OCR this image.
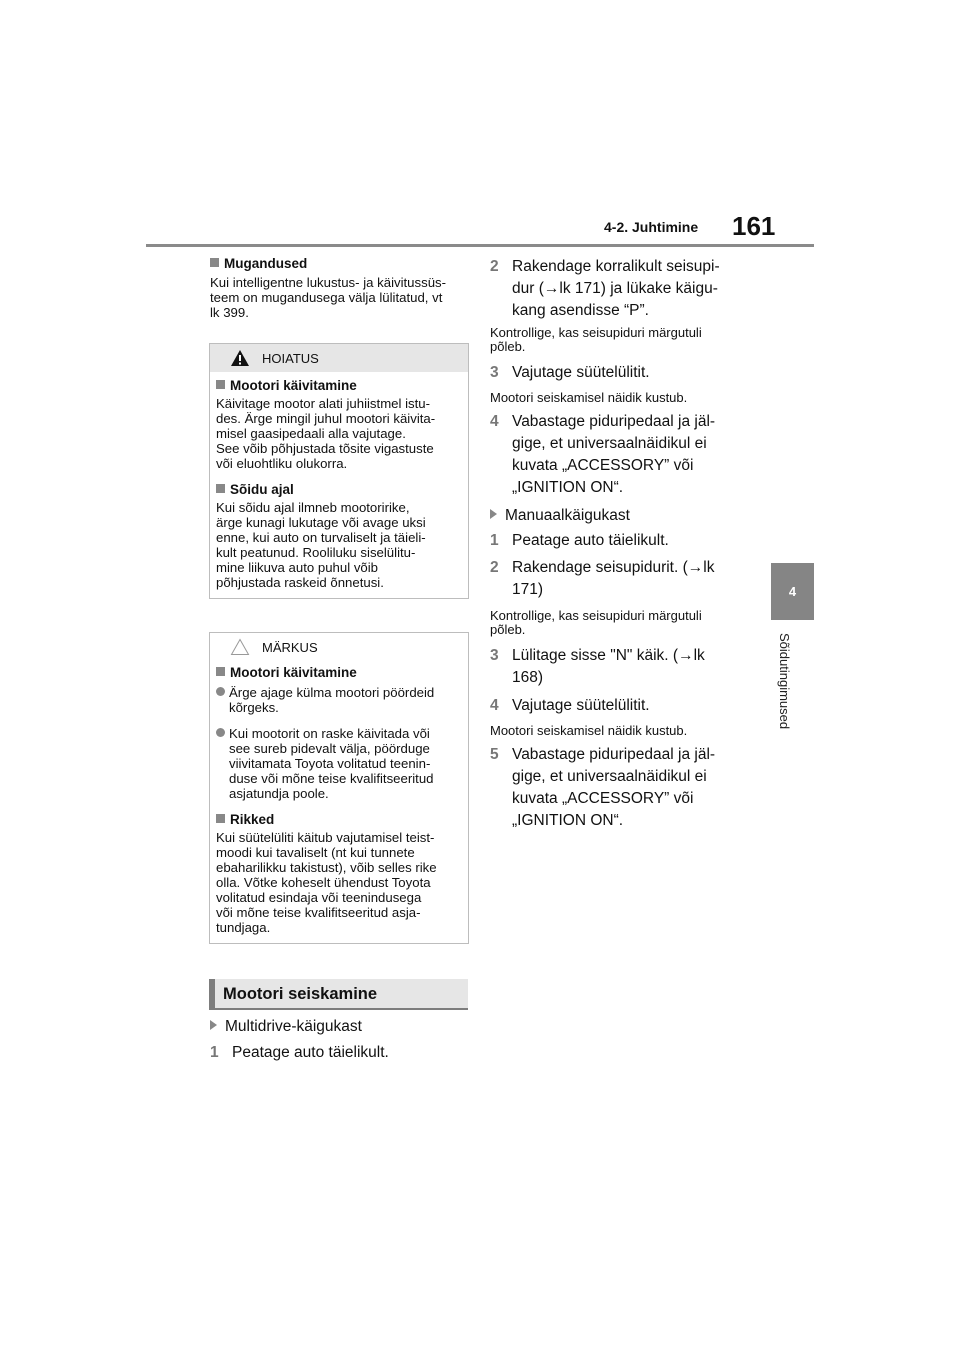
4-2. Juhtimine 161
4
Sõidutingimused
Mugandused
Kui intelligentne lukustus- ja käivitussüs-
teem on mugandusega välja lülitatud, vt
lk 399.
HOIATUS
Mootori käivitamine

Käivitage mootor alati juhiistmel istu-

des. Ärge mingil juhul mootori käivita-

misel gaasipedaali alla vajutage.

See võib põhjustada tõsite vigastuste

või eluohtliku olukorra.

Sõidu ajal

Kui sõidu ajal ilmneb mootoririke,

ärge kunagi lukutage või avage uksi

enne, kui auto on turvaliselt ja täieli-

kult peatunud. Rooliluku siselülitu-

mine liikuva auto puhul võib

põhjustada raskeid õnnetusi.

MÄRKUS
Mootori käivitamine

Ärge ajage külma mootori pöördeid

kõrgeks.

Kui mootorit on raske käivitada või

see sureb pidevalt välja, pöörduge

viivitamata Toyota volitatud teenin-

duse või mõne teise kvalifitseeritud

asjatundja poole.

Rikked

Kui süütelüliti käitub vajutamisel teist-

moodi kui tavaliselt (nt kui tunnete

ebaharilikku takistust), võib selles rike

olla. Võtke koheselt ühendust Toyota

volitatud esindaja või teenindusega

või mõne teise kvalifitseeritud asja-

tundjaga.

Mootori seiskamine
Multidrive-käigukast
1 Peatage auto täielikult.
2 Rakendage korralikult seisupi-
dur (→lk 171) ja lükake käigu-
kang asendisse “P”.
Kontrollige, kas seisupiduri märgutuli
põleb.
3 Vajutage süütelülitit.
Mootori seiskamisel näidik kustub.
4 Vabastage piduripedaal ja jäl-
gige, et universaalnäidikul ei
kuvata „ACCESSORY” või
„IGNITION ON“.
Manuaalkäigukast
1 Peatage auto täielikult.
2 Rakendage seisupidurit. (→lk
171)
Kontrollige, kas seisupiduri märgutuli
põleb.
3 Lülitage sisse "N" käik. (→lk
168)
4 Vajutage süütelülitit.
Mootori seiskamisel näidik kustub.
5 Vabastage piduripedaal ja jäl-
gige, et universaalnäidikul ei
kuvata „ACCESSORY” või
„IGNITION ON“.
